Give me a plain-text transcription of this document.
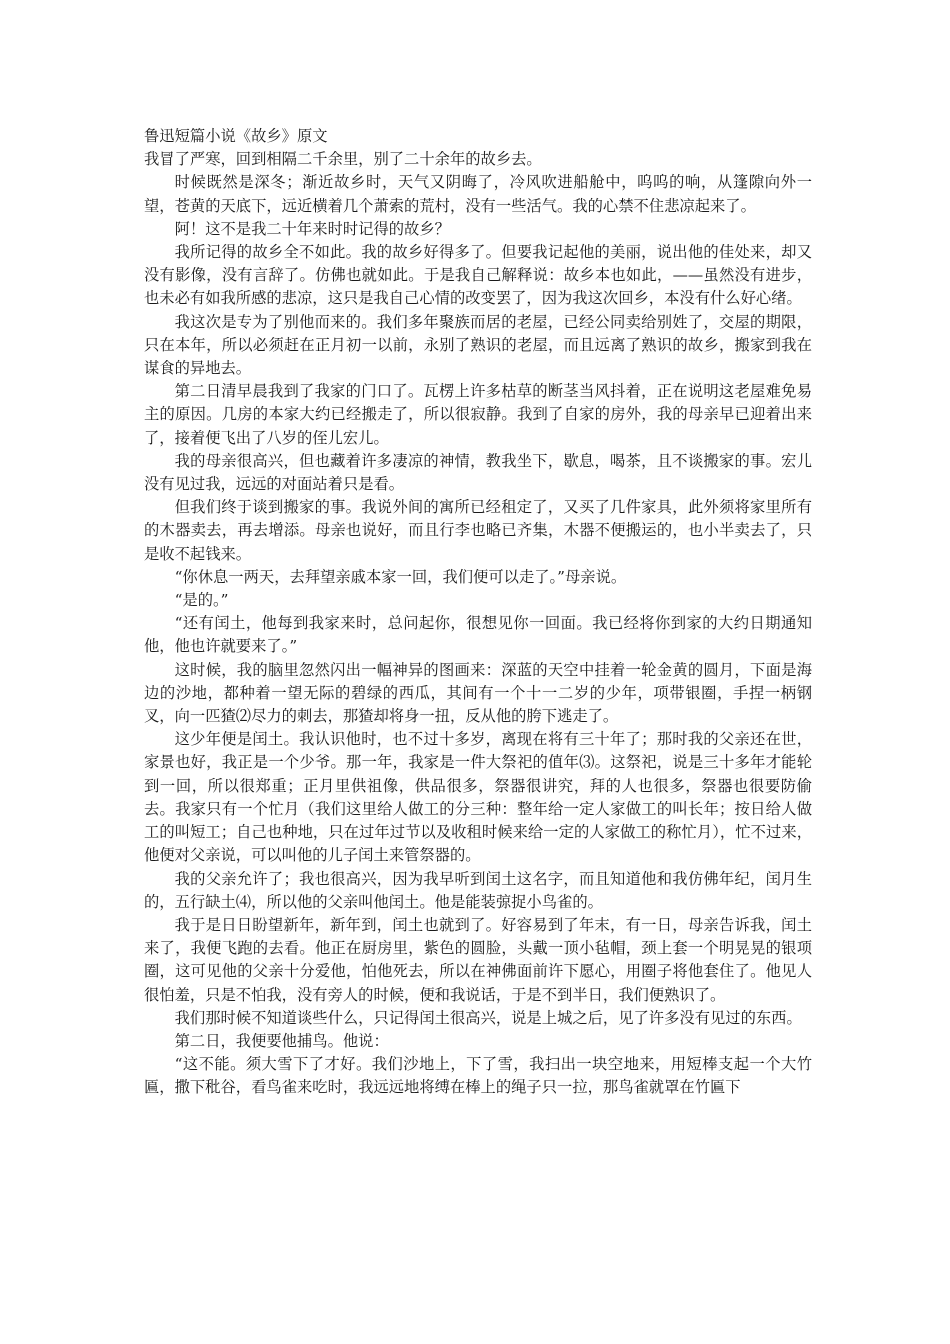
鲁迅短篇小说《故乡》原文

我冒了严寒，回到相隔二千余里，别了二十余年的故乡去。

时候既然是深冬；渐近故乡时，天气又阴晦了，冷风吹进船舱中，呜呜的响，从篷隙向外一望，苍黄的天底下，远近横着几个萧索的荒村，没有一些活气。我的心禁不住悲凉起来了。

阿！这不是我二十年来时时记得的故乡？

我所记得的故乡全不如此。我的故乡好得多了。但要我记起他的美丽，说出他的佳处来，却又没有影像，没有言辞了。仿佛也就如此。于是我自己解释说：故乡本也如此，——虽然没有进步，也未必有如我所感的悲凉，这只是我自己心情的改变罢了，因为我这次回乡，本没有什么好心绪。

我这次是专为了别他而来的。我们多年聚族而居的老屋，已经公同卖给别姓了，交屋的期限，只在本年，所以必须赶在正月初一以前，永别了熟识的老屋，而且远离了熟识的故乡，搬家到我在谋食的异地去。

第二日清早晨我到了我家的门口了。瓦楞上许多枯草的断茎当风抖着，正在说明这老屋难免易主的原因。几房的本家大约已经搬走了，所以很寂静。我到了自家的房外，我的母亲早已迎着出来了，接着便飞出了八岁的侄儿宏儿。

我的母亲很高兴，但也藏着许多凄凉的神情，教我坐下，歇息，喝茶，且不谈搬家的事。宏儿没有见过我，远远的对面站着只是看。

但我们终于谈到搬家的事。我说外间的寓所已经租定了，又买了几件家具，此外须将家里所有的木器卖去，再去增添。母亲也说好，而且行李也略已齐集，木器不便搬运的，也小半卖去了，只是收不起钱来。

“你休息一两天，去拜望亲戚本家一回，我们便可以走了。”母亲说。

“是的。”

“还有闰土，他每到我家来时，总问起你，很想见你一回面。我已经将你到家的大约日期通知他，他也许就要来了。”

这时候，我的脑里忽然闪出一幅神异的图画来：深蓝的天空中挂着一轮金黄的圆月，下面是海边的沙地，都种着一望无际的碧绿的西瓜，其间有一个十一二岁的少年，项带银圈，手捏一柄钢叉，向一匹猹⑵尽力的刺去，那猹却将身一扭，反从他的胯下逃走了。

这少年便是闰土。我认识他时，也不过十多岁，离现在将有三十年了；那时我的父亲还在世，家景也好，我正是一个少爷。那一年，我家是一件大祭祀的值年⑶。这祭祀，说是三十多年才能轮到一回，所以很郑重；正月里供祖像，供品很多，祭器很讲究，拜的人也很多，祭器也很要防偷去。我家只有一个忙月（我们这里给人做工的分三种：整年给一定人家做工的叫长年；按日给人做工的叫短工；自己也种地，只在过年过节以及收租时候来给一定的人家做工的称忙月），忙不过来，他便对父亲说，可以叫他的儿子闰土来管祭器的。

我的父亲允许了；我也很高兴，因为我早听到闰土这名字，而且知道他和我仿佛年纪，闰月生的，五行缺土⑷，所以他的父亲叫他闰土。他是能装弶捉小鸟雀的。

我于是日日盼望新年，新年到，闰土也就到了。好容易到了年末，有一日，母亲告诉我，闰土来了，我便飞跑的去看。他正在厨房里，紫色的圆脸，头戴一顶小毡帽，颈上套一个明晃晃的银项圈，这可见他的父亲十分爱他，怕他死去，所以在神佛面前许下愿心，用圈子将他套住了。他见人很怕羞，只是不怕我，没有旁人的时候，便和我说话，于是不到半日，我们便熟识了。

我们那时候不知道谈些什么，只记得闰土很高兴，说是上城之后，见了许多没有见过的东西。

第二日，我便要他捕鸟。他说：

“这不能。须大雪下了才好。我们沙地上，下了雪，我扫出一块空地来，用短棒支起一个大竹匾，撒下秕谷，看鸟雀来吃时，我远远地将缚在棒上的绳子只一拉，那鸟雀就罩在竹匾下
